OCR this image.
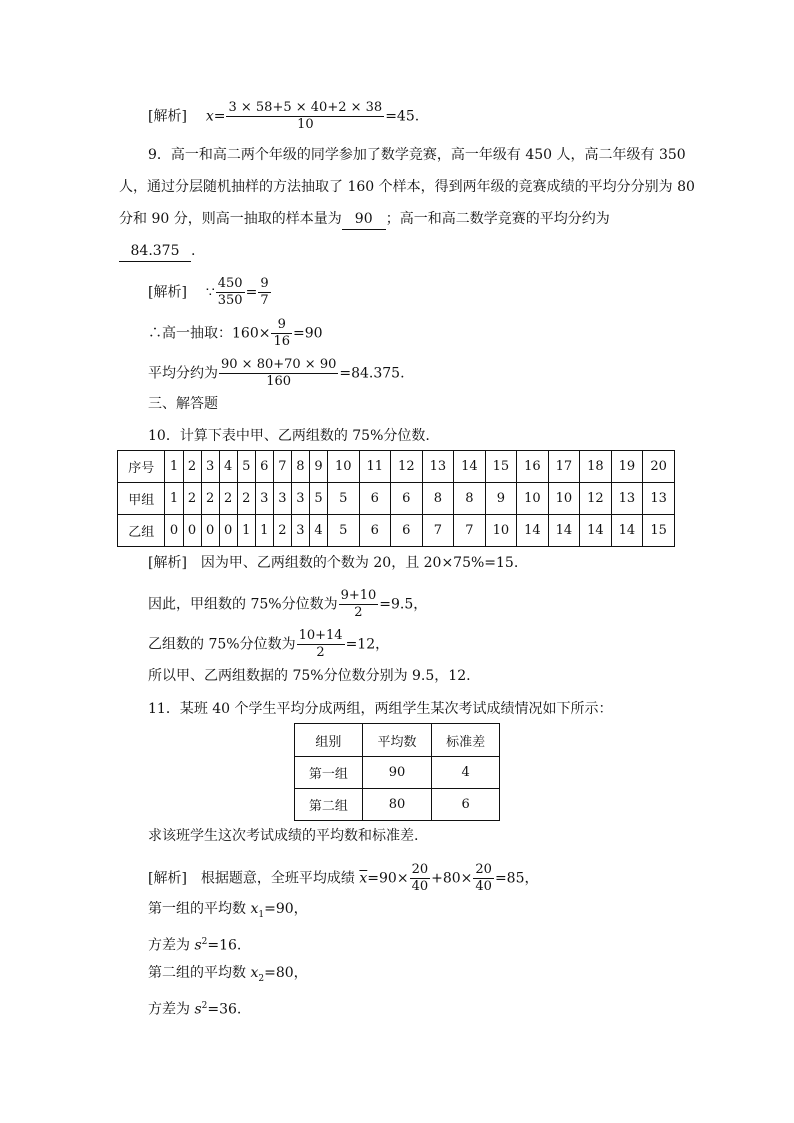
[解析] $x= \frac{3 \times 58+5 \times 40+2 \times 38}{10} =45$.
9．高一和高二两个年级的同学参加了数学竞赛，高一年级有 450 人，高二年级有 350
人，通过分层随机抽样的方法抽取了 160 个样本，得到两年级的竞赛成绩的平均分分别为 80
分和 90 分，则高一抽取的样本量为 90 ；高一和高二数学竞赛的平均分约为
84.375 .
[解析] ∵ $\frac{450}{350} = \frac{9}{7}$
∴高一抽取：$160\times \frac{9}{16} =90$
平均分约为 $\frac{90 \times 80+70 \times 90}{160} =84.375$.
三、解答题
10．计算下表中甲、乙两组数的 75%分位数.
序号	1	2	3	4	5	6	7	8	9	10	11	12	13	14	15	16	17	18	19	20
甲组	1	2	2	2	2	3	3	3	5	5	6	6	8	8	9	10	10	12	13	13
乙组	0	0	0	0	1	1	2	3	4	5	6	6	7	7	10	14	14	14	14	15
[解析]　因为甲、乙两组数的个数为 20，且 20×75%=15.
因此，甲组数的 75%分位数为 $\frac{9+10}{2} =9.5$，
乙组数的 75%分位数为 $\frac{10+14}{2} =12$，
所以甲、乙两组数据的 75%分位数分别为 9.5，12.
11．某班 40 个学生平均分成两组，两组学生某次考试成绩情况如下所示：
组别	平均数	标准差
第一组	90	4
第二组	80	6
求该班学生这次考试成绩的平均数和标准差.
[解析]　根据题意，全班平均成绩 $\overline{x}=90\times \frac{20}{40} +80\times \frac{20}{40} =85$，
第一组的平均数 $x_1=90$，
方差为 $s^2=16$.
第二组的平均数 $x_2=80$，
方差为 $s^2=36$.
